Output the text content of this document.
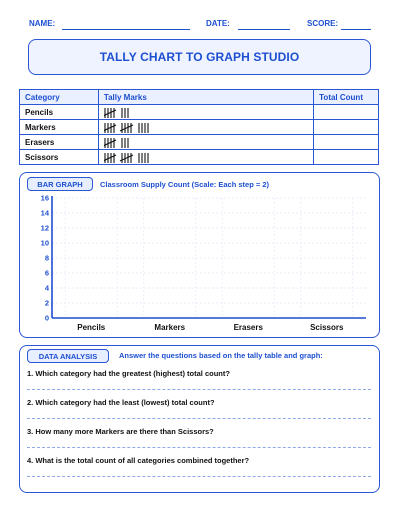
NAME:	DATE:	SCORE:
TALLY CHART TO GRAPH STUDIO
Category	Tally Marks	Total Count
Pencils	

Markers	

Erasers	

Scissors	

BAR GRAPH	Classroom Supply Count (Scale: Each step = 2)
0
2
4
6
8
10
12
14
16
Pencils	Markers	Erasers	Scissors
DATA ANALYSIS	Answer the questions based on the tally table and graph:
1. Which category had the greatest (highest) total count?
2. Which category had the least (lowest) total count?
3. How many more Markers are there than Scissors?
4. What is the total count of all categories combined together?
